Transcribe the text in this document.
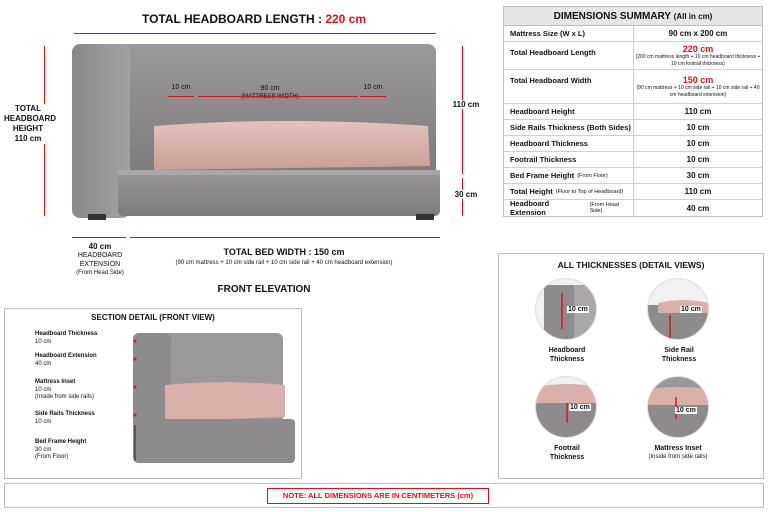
TOTAL HEADBOARD LENGTH : 220 cm
TOTAL
HEADBOARD
HEIGHT
110 cm
10 cm	90 cm
(MATTRESS WIDTH)
10 cm
110 cm
30 cm
40 cm
HEADBOARD
EXTENSION
(From Head Side)
TOTAL BED WIDTH : 150 cm
(90 cm mattress + 10 cm side rail + 10 cm side rail + 40 cm headboard extension)
FRONT ELEVATION
DIMENSIONS SUMMARY (All in cm)
Mattress Size (W x L)	90 cm x 200 cm
Total Headboard Length	220 cm
(200 cm mattress length + 10 cm headboard thickness + 10 cm footrail thickness)
Total Headboard Width	150 cm
(90 cm mattress + 10 cm side rail + 10 cm side rail + 40 cm headboard extension)
Headboard Height	110 cm
Side Rails Thickness (Both Sides)	10 cm
Headboard Thickness	10 cm
Footrail Thickness	10 cm
Bed Frame Height (From Floor)	30 cm
Total Height (Floor to Top of Headboard)	110 cm
Headboard Extension
(From Head Side)	40 cm
ALL THICKNESSES (DETAIL VIEWS)
10 cm
Headboard
Thickness
10 cm
Side Rail
Thickness
10 cm
Footrail
Thickness
10 cm
Mattress Inset
(Inside from side rails)
SECTION DETAIL (FRONT VIEW)
Headboard Thickness
10 cm
Headboard Extension
40 cm
Mattress Inset
10 cm
(Inside from side rails)
Side Rails Thickness
10 cm
Bed Frame Height
30 cm
(From Floor)
NOTE: ALL DIMENSIONS ARE IN CENTIMETERS (cm)
